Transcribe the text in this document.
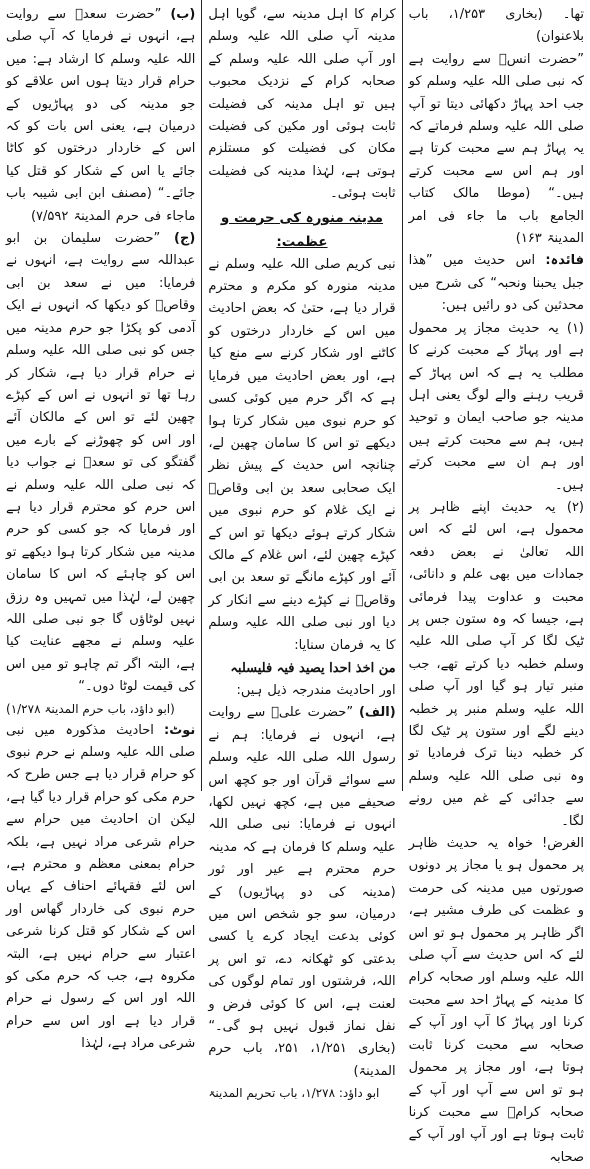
تھا۔ (بخاری ۱/۲۵۳، باب بلاعنوان)

”حضرت انسؓ سے روایت ہے کہ نبی صلی اللہ علیہ وسلم کو جب احد پہاڑ دکھائی دیتا تو آپ صلی اللہ علیہ وسلم فرماتے کہ یہ پہاڑ ہم سے محبت کرتا ہے اور ہم اس سے محبت کرتے ہیں۔“ (موطا مالک کتاب الجامع باب ما جاء فی امر المدینۃ ۱۶۳)

فائدہ: اس حدیث میں ”ھذا جبل یحبنا ونحبہ“ کی شرح میں محدثین کی دو رائیں ہیں:

(۱) یہ حدیث مجاز پر محمول ہے اور پہاڑ کے محبت کرنے کا مطلب یہ ہے کہ اس پہاڑ کے قریب رہنے والے لوگ یعنی اہل مدینہ جو صاحب ایمان و توحید ہیں، ہم سے محبت کرتے ہیں اور ہم ان سے محبت کرتے ہیں۔

(۲) یہ حدیث اپنے ظاہر پر محمول ہے، اس لئے کہ اس اللہ تعالیٰ نے بعض دفعہ جمادات میں بھی علم و دانائی، محبت و عداوت پیدا فرمائی ہے، جیسا کہ وہ ستون جس پر ٹیک لگا کر آپ صلی اللہ علیہ وسلم خطبہ دیا کرتے تھے، جب منبر تیار ہو گیا اور آپ صلی اللہ علیہ وسلم منبر پر خطبہ دینے لگے اور ستون پر ٹیک لگا کر خطبہ دینا ترک فرمادیا تو وہ نبی صلی اللہ علیہ وسلم سے جدائی کے غم میں رونے لگا۔

الغرض! خواہ یہ حدیث ظاہر پر محمول ہو یا مجاز پر دونوں صورتوں میں مدینہ کی حرمت و عظمت کی طرف مشیر ہے، اگر ظاہر پر محمول ہو تو اس لئے کہ اس حدیث سے آپ صلی اللہ علیہ وسلم اور صحابہ کرام کا مدینہ کے پہاڑ احد سے محبت کرنا اور پہاڑ کا آپ اور آپ کے صحابہ سے محبت کرنا ثابت ہوتا ہے، اور مجاز پر محمول ہو تو اس سے آپ اور آپ کے صحابہ کرامؓ سے محبت کرنا ثابت ہوتا ہے اور آپ اور آپ کے صحابہ

کرام کا اہل مدینہ سے، گویا اہل مدینہ آپ صلی اللہ علیہ وسلم اور آپ صلی اللہ علیہ وسلم کے صحابہ کرام کے نزدیک محبوب ہیں تو اہل مدینہ کی فضیلت ثابت ہوئی اور مکین کی فضیلت مکان کی فضیلت کو مستلزم ہوتی ہے، لہٰذا مدینہ کی فضیلت ثابت ہوئی۔

مدینہ منورہ کی حرمت و عظمت:

نبی کریم صلی اللہ علیہ وسلم نے مدینہ منورہ کو مکرم و محترم قرار دیا ہے، حتیٰ کہ بعض احادیث میں اس کے خاردار درختوں کو کاٹنے اور شکار کرنے سے منع کیا ہے، اور بعض احادیث میں فرمایا ہے کہ اگر حرم میں کوئی کسی کو حرم نبوی میں شکار کرتا ہوا دیکھے تو اس کا سامان چھین لے، چنانچہ اس حدیث کے پیش نظر ایک صحابی سعد بن ابی وقاصؓ نے ایک غلام کو حرم نبوی میں شکار کرتے ہوئے دیکھا تو اس کے کپڑے چھین لئے، اس غلام کے مالک آئے اور کپڑے مانگے تو سعد بن ابی وقاصؓ نے کپڑے دینے سے انکار کر دیا اور نبی صلی اللہ علیہ وسلم کا یہ فرمان سنایا:

من اخذ احدا یصید فیہ فلیسلبہ

اور احادیث مندرجہ ذیل ہیں:

(الف) ”حضرت علیؓ سے روایت ہے، انہوں نے فرمایا: ہم نے رسول اللہ صلی اللہ علیہ وسلم سے سوائے قرآن اور جو کچھ اس صحیفے میں ہے، کچھ نہیں لکھا، انہوں نے فرمایا: نبی صلی اللہ علیہ وسلم کا فرمان ہے کہ مدینہ حرم محترم ہے عیر اور ثور (مدینہ کی دو پہاڑیوں) کے درمیان، سو جو شخص اس میں کوئی بدعت ایجاد کرے یا کسی بدعتی کو ٹھکانہ دے، تو اس پر اللہ، فرشتوں اور تمام لوگوں کی لعنت ہے، اس کا کوئی فرض و نفل نماز قبول نہیں ہو گی۔“ (بخاری ۱/۲۵۱، ۲۵۱، باب حرم المدینۃ)

ابو داؤد: ۱/۲۷۸، باب تحریم المدینۃ

(ب) ”حضرت سعدؓ سے روایت ہے، انہوں نے فرمایا کہ آپ صلی اللہ علیہ وسلم کا ارشاد ہے: میں حرام قرار دیتا ہوں اس علاقے کو جو مدینہ کی دو پہاڑیوں کے درمیان ہے، یعنی اس بات کو کہ اس کے خاردار درختوں کو کاٹا جائے یا اس کے شکار کو قتل کیا جائے۔“ (مصنف ابن ابی شیبہ باب ماجاء فی حرم المدینۃ ۷/۵۹۲)

(ج) ”حضرت سلیمان بن ابو عبداللہ سے روایت ہے، انہوں نے فرمایا: میں نے سعد بن ابی وقاصؓ کو دیکھا کہ انہوں نے ایک آدمی کو پکڑا جو حرم مدینہ میں جس کو نبی صلی اللہ علیہ وسلم نے حرام قرار دیا ہے، شکار کر رہا تھا تو انہوں نے اس کے کپڑے چھین لئے تو اس کے مالکان آئے اور اس کو چھوڑنے کے بارے میں گفتگو کی تو سعدؓ نے جواب دیا کہ نبی صلی اللہ علیہ وسلم نے اس حرم کو محترم قرار دیا ہے اور فرمایا کہ جو کسی کو حرم مدینہ میں شکار کرتا ہوا دیکھے تو اس کو چاہئے کہ اس کا سامان چھین لے، لہٰذا میں تمہیں وہ رزق نہیں لوٹاؤں گا جو نبی صلی اللہ علیہ وسلم نے مجھے عنایت کیا ہے، البتہ اگر تم چاہو تو میں اس کی قیمت لوٹا دوں۔“

(ابو داؤد، باب حرم المدینۃ ۱/۲۷۸)

نوٹ: احادیث مذکورہ میں نبی صلی اللہ علیہ وسلم نے حرم نبوی کو حرام قرار دیا ہے جس طرح کہ حرم مکی کو حرام قرار دیا گیا ہے، لیکن ان احادیث میں حرام سے حرام شرعی مراد نہیں ہے، بلکہ حرام بمعنی معظم و محترم ہے، اس لئے فقہائے احناف کے یہاں حرم نبوی کی خاردار گھاس اور اس کے شکار کو قتل کرنا شرعی اعتبار سے حرام نہیں ہے، البتہ مکروہ ہے، جب کہ حرم مکی کو اللہ اور اس کے رسول نے حرام قرار دیا ہے اور اس سے حرام شرعی مراد ہے، لہٰذا
